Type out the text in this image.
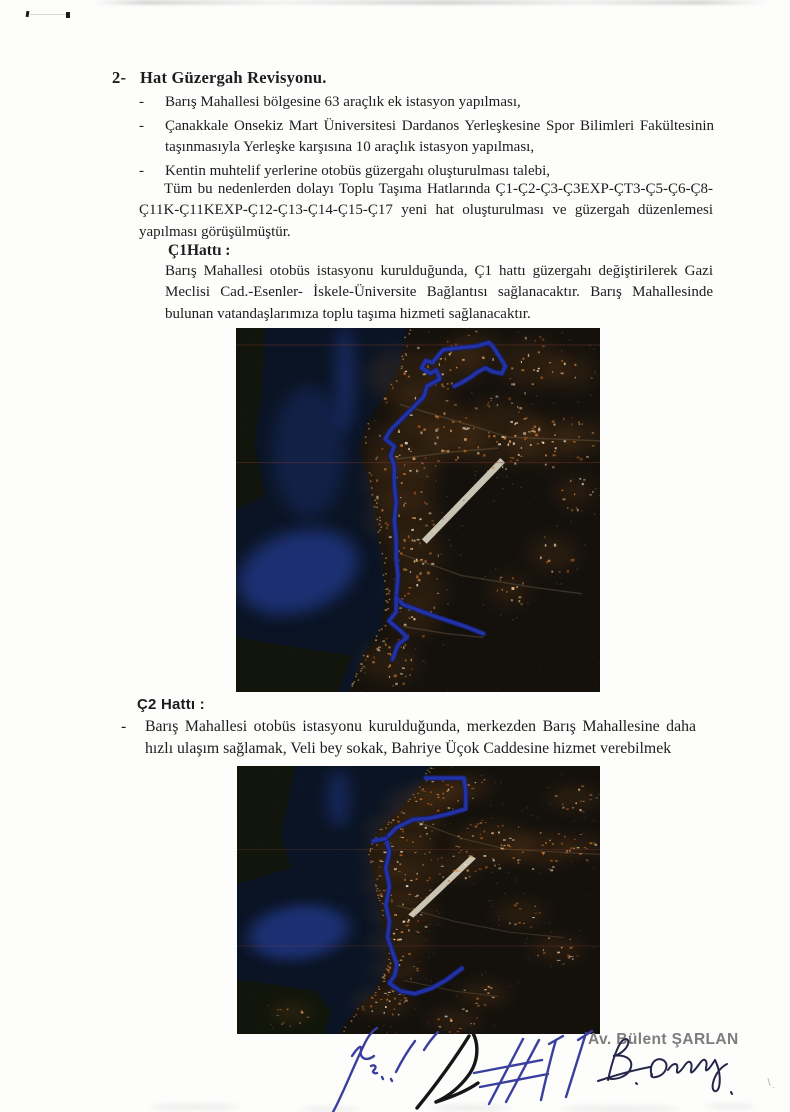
2- Hat Güzergah Revisyonu.
-	Barış Mahallesi bölgesine 63 araçlık ek istasyon yapılması,
-	Çanakkale Onsekiz Mart Üniversitesi Dardanos Yerleşkesine Spor Bilimleri Fakültesinin taşınmasıyla Yerleşke karşısına 10 araçlık istasyon yapılması,
-	Kentin muhtelif yerlerine otobüs güzergahı oluşturulması talebi,
Tüm bu nedenlerden dolayı Toplu Taşıma Hatlarında Ç1-Ç2-Ç3-Ç3EXP-ÇT3-Ç5-Ç6-Ç8-Ç11K-Ç11KEXP-Ç12-Ç13-Ç14-Ç15-Ç17 yeni hat oluşturulması ve güzergah düzenlemesi yapılması görüşülmüştür.
Ç1Hattı :
Barış Mahallesi otobüs istasyonu kurulduğunda, Ç1 hattı güzergahı değiştirilerek Gazi Meclisi Cad.-Esenler- İskele-Üniversite Bağlantısı sağlanacaktır. Barış Mahallesinde bulunan vatandaşlarımıza toplu taşıma hizmeti sağlanacaktır.
Ç2 Hattı :
-	Barış Mahallesi otobüs istasyonu kurulduğunda, merkezden Barış Mahallesine daha hızlı ulaşım sağlamak, Veli bey sokak, Bahriye Üçok Caddesine hizmet verebilmek
Av. Bülent ŞARLAN
